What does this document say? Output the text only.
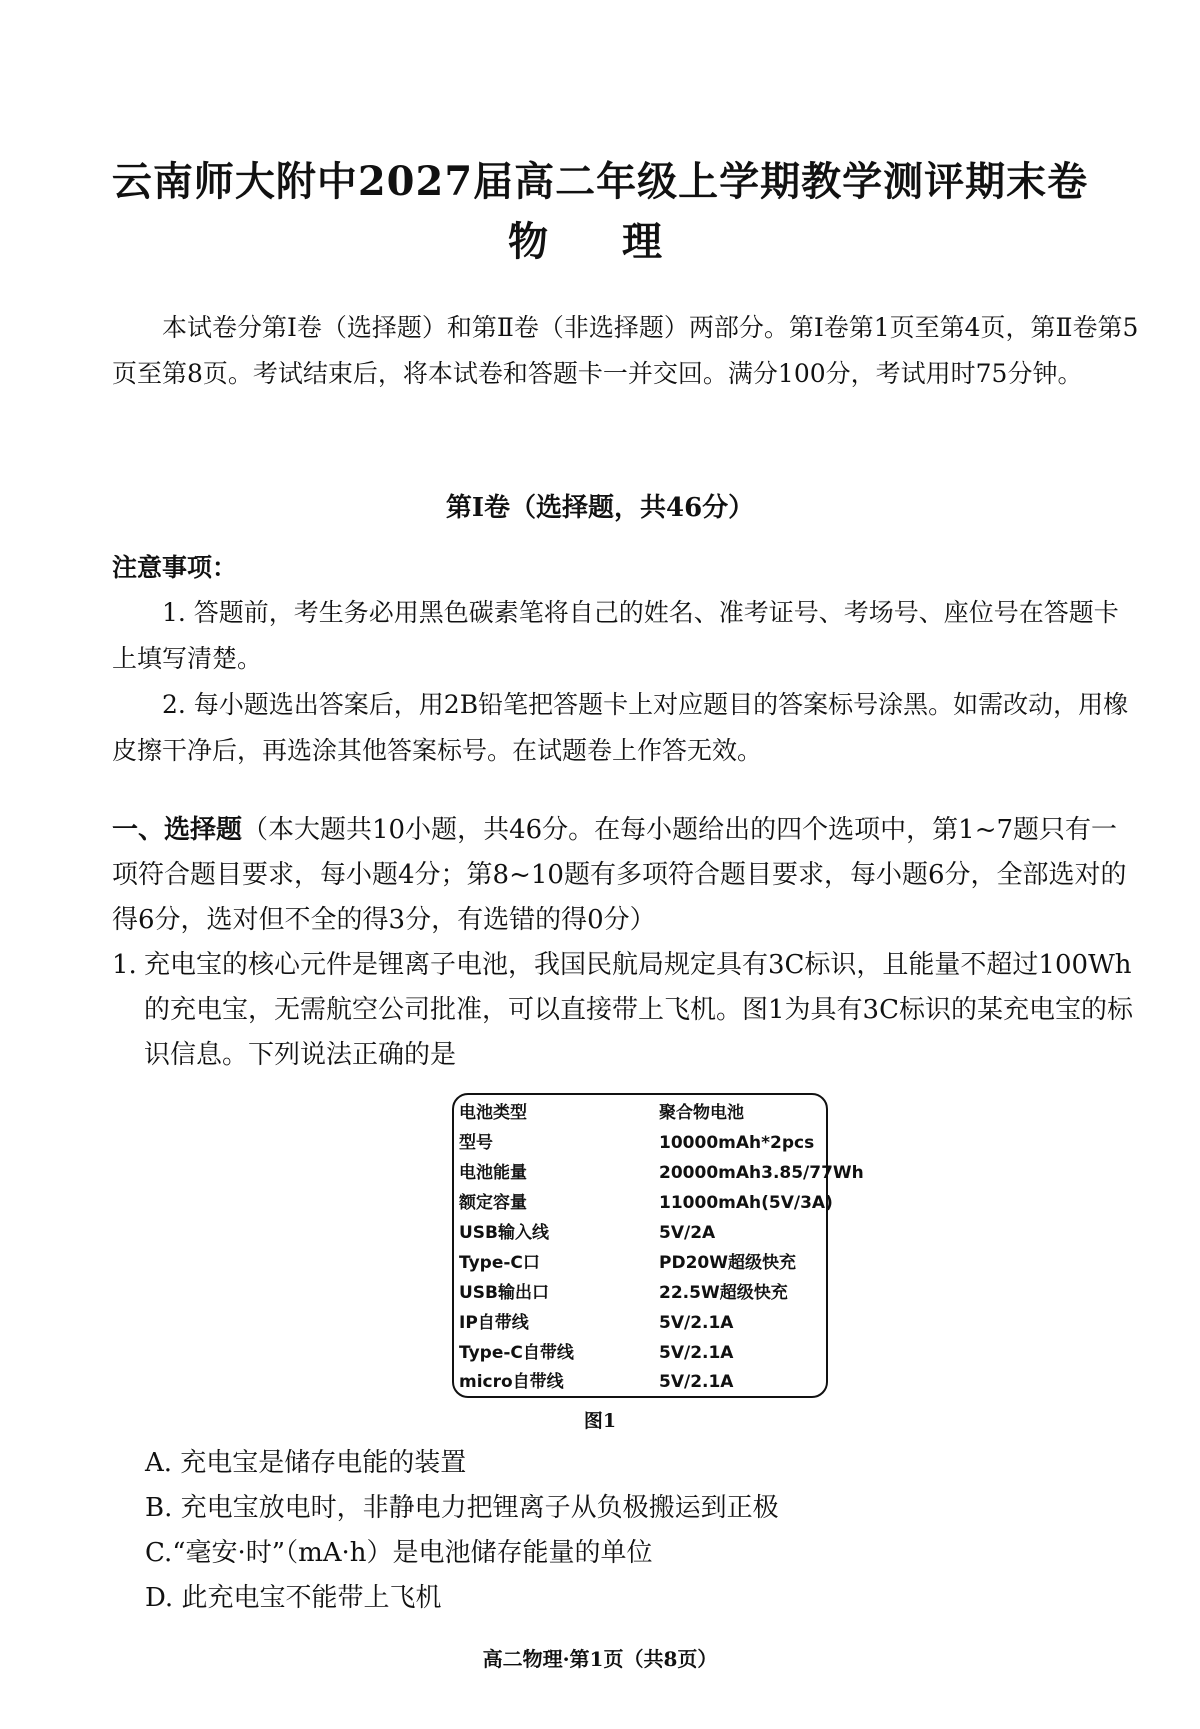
云南师大附中2027届高二年级上学期教学测评期末卷
物 理
本试卷分第Ⅰ卷（选择题）和第Ⅱ卷（非选择题）两部分。第Ⅰ卷第1页至第4页，第Ⅱ卷第5页至第8页。考试结束后，将本试卷和答题卡一并交回。满分100分，考试用时75分钟。
第Ⅰ卷（选择题，共46分）
注意事项：
1. 答题前，考生务必用黑色碳素笔将自己的姓名、准考证号、考场号、座位号在答题卡上填写清楚。
2. 每小题选出答案后，用2B铅笔把答题卡上对应题目的答案标号涂黑。如需改动，用橡皮擦干净后，再选涂其他答案标号。在试题卷上作答无效。
一、选择题（本大题共10小题，共46分。在每小题给出的四个选项中，第1~7题只有一项符合题目要求，每小题4分；第8~10题有多项符合题目要求，每小题6分，全部选对的得6分，选对但不全的得3分，有选错的得0分）
1. 充电宝的核心元件是锂离子电池，我国民航局规定具有3C标识，且能量不超过100Wh的充电宝，无需航空公司批准，可以直接带上飞机。图1为具有3C标识的某充电宝的标识信息。下列说法正确的是
电池类型	聚合物电池
型号	10000mAh*2pcs
电池能量	20000mAh3.85/77Wh
额定容量	11000mAh(5V/3A)
USB输入线	5V/2A
Type-C口	PD20W超级快充
USB输出口	22.5W超级快充
IP自带线	5V/2.1A
Type-C自带线	5V/2.1A
micro自带线	5V/2.1A
图1
A. 充电宝是储存电能的装置
B. 充电宝放电时，非静电力把锂离子从负极搬运到正极
C.“毫安·时”（mA·h）是电池储存能量的单位
D. 此充电宝不能带上飞机
高二物理·第1页（共8页）
